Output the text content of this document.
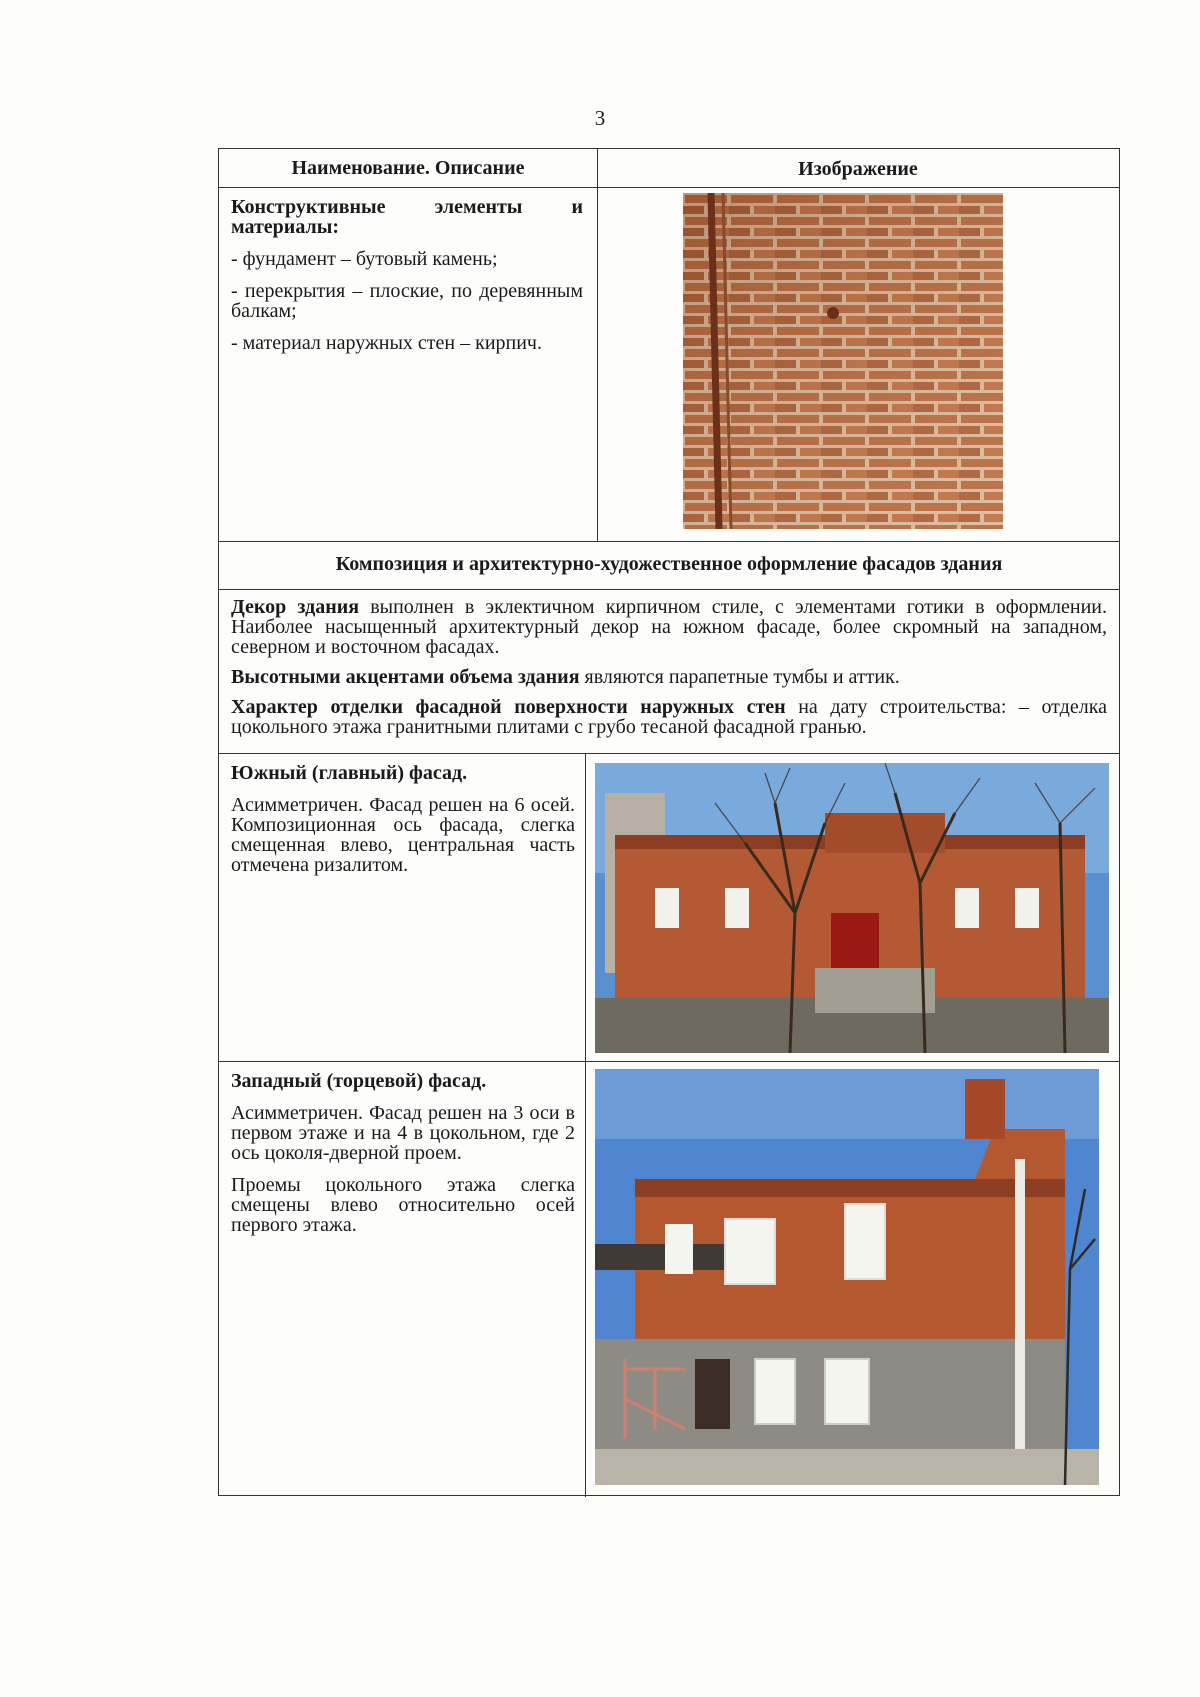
3
Наименование. Описание	Изображение

Конструктивные элементы и материалы:

- фундамент – бутовый камень;

- перекрытия – плоские, по деревянным балкам;

- материал наружных стен – кирпич.

Композиция и архитектурно-художественное оформление фасадов здания

Декор здания выполнен в эклектичном кирпичном стиле, с элементами готики в оформлении. Наиболее насыщенный архитектурный декор на южном фасаде, более скромный на западном, северном и восточном фасадах.

Высотными акцентами объема здания являются парапетные тумбы и аттик.

Характер отделки фасадной поверхности наружных стен на дату строительства: – отделка цокольного этажа гранитными плитами с грубо тесаной фасадной гранью.

Южный (главный) фасад.

Асимметричен. Фасад решен на 6 осей. Композиционная ось фасада, слегка смещенная влево, центральная часть отмечена ризалитом.

Западный (торцевой) фасад.

Асимметричен. Фасад решен на 3 оси в первом этаже и на 4 в цокольном, где 2 ось цоколя-дверной проем.

Проемы цокольного этажа слегка смещены влево относительно осей первого этажа.
